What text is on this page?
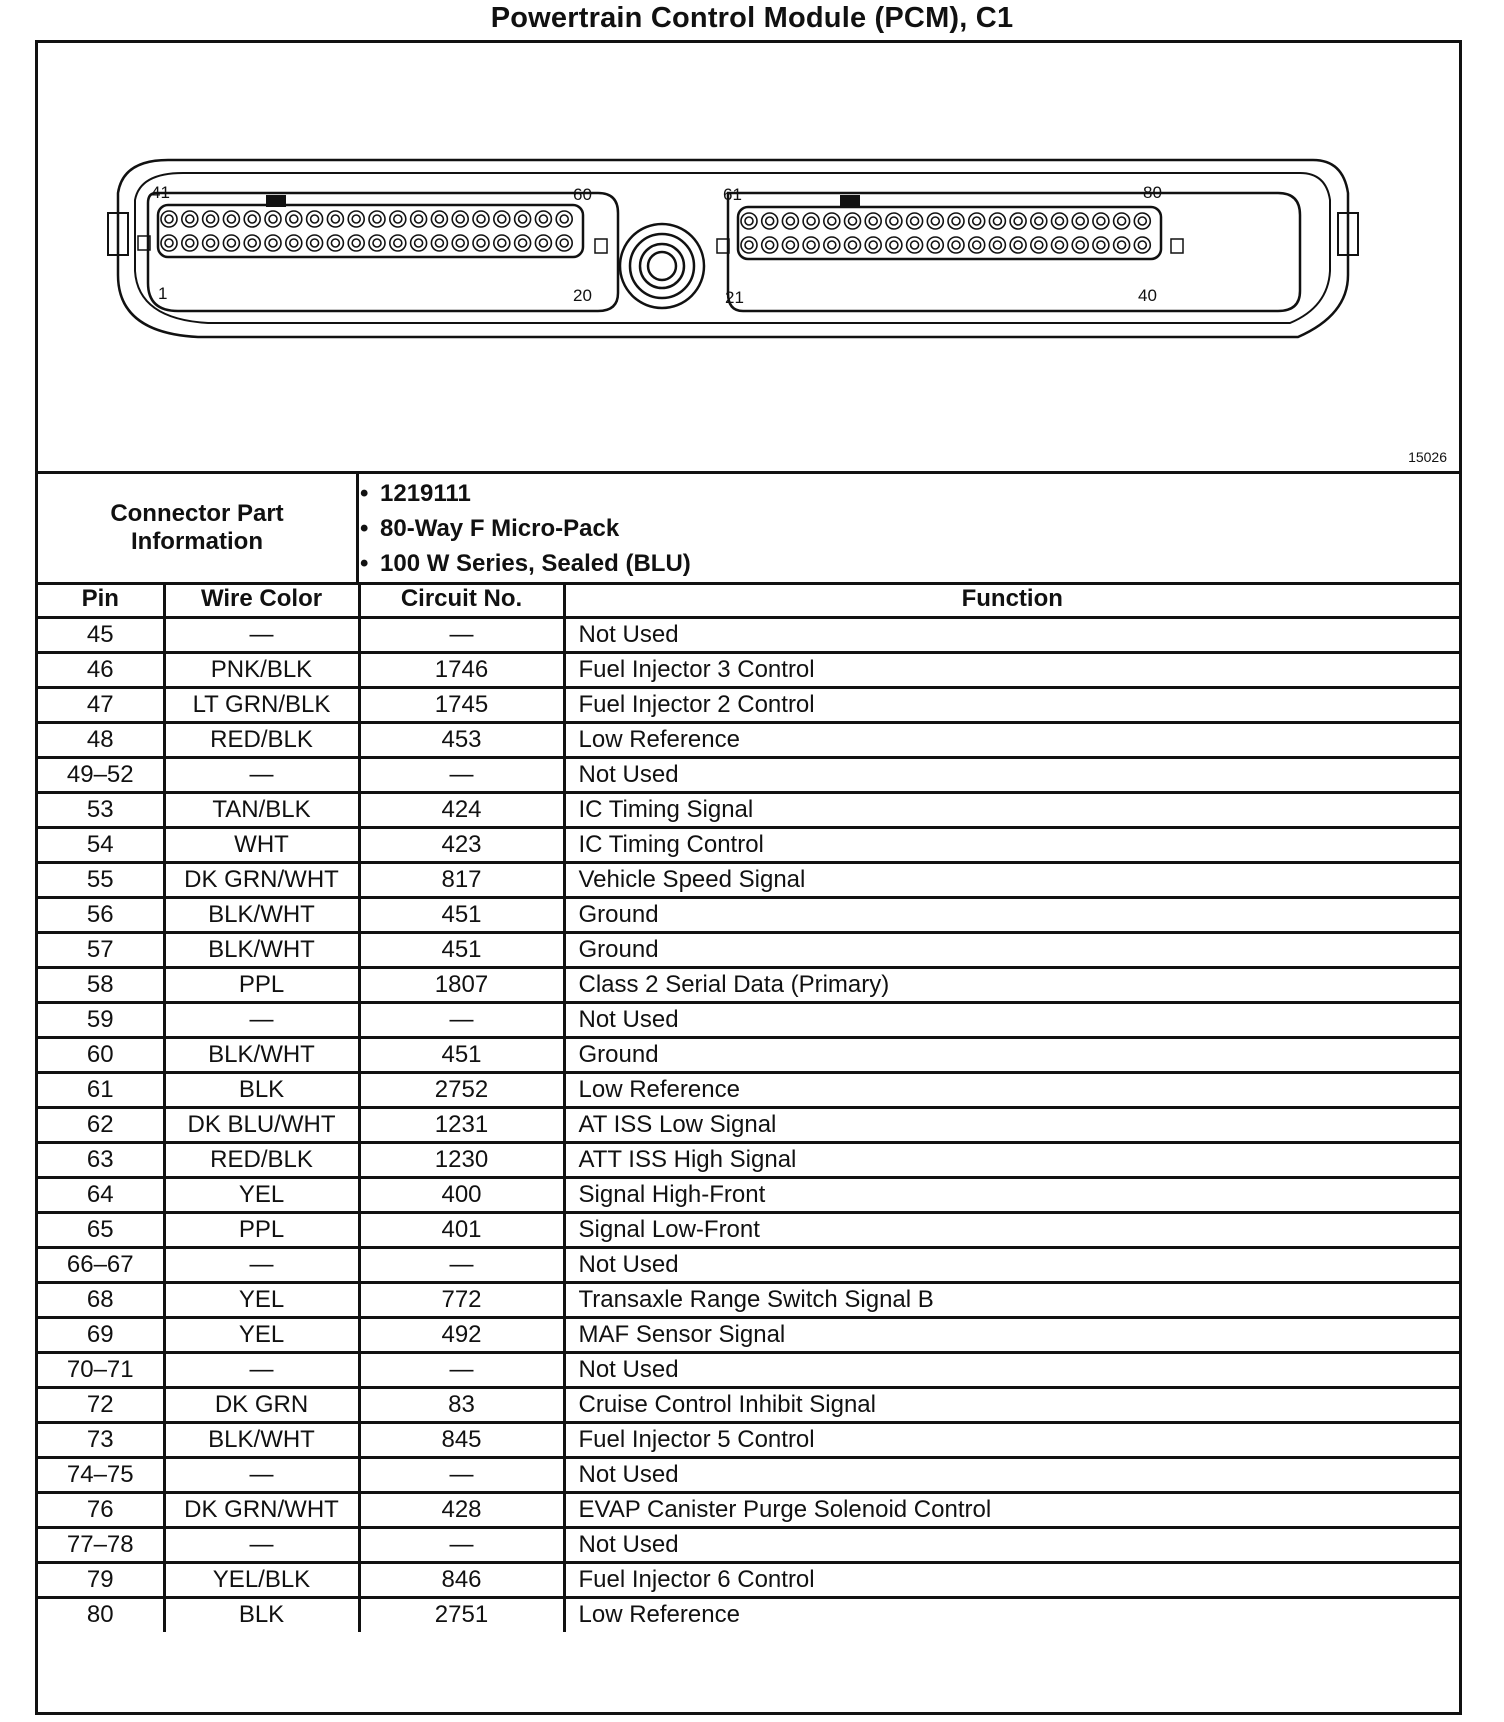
Powertrain Control Module (PCM), C1
41	60
1	20
61	80
21	40
15026
Connector Part
Information
• 1219111
• 80-Way F Micro-Pack
• 100 W Series, Sealed (BLU)
Pin	Wire Color	Circuit No.	Function
45	—	—	Not Used
46	PNK/BLK	1746	Fuel Injector 3 Control
47	LT GRN/BLK	1745	Fuel Injector 2 Control
48	RED/BLK	453	Low Reference
49–52	—	—	Not Used
53	TAN/BLK	424	IC Timing Signal
54	WHT	423	IC Timing Control
55	DK GRN/WHT	817	Vehicle Speed Signal
56	BLK/WHT	451	Ground
57	BLK/WHT	451	Ground
58	PPL	1807	Class 2 Serial Data (Primary)
59	—	—	Not Used
60	BLK/WHT	451	Ground
61	BLK	2752	Low Reference
62	DK BLU/WHT	1231	AT ISS Low Signal
63	RED/BLK	1230	ATT ISS High Signal
64	YEL	400	Signal High-Front
65	PPL	401	Signal Low-Front
66–67	—	—	Not Used
68	YEL	772	Transaxle Range Switch Signal B
69	YEL	492	MAF Sensor Signal
70–71	—	—	Not Used
72	DK GRN	83	Cruise Control Inhibit Signal
73	BLK/WHT	845	Fuel Injector 5 Control
74–75	—	—	Not Used
76	DK GRN/WHT	428	EVAP Canister Purge Solenoid Control
77–78	—	—	Not Used
79	YEL/BLK	846	Fuel Injector 6 Control
80	BLK	2751	Low Reference
